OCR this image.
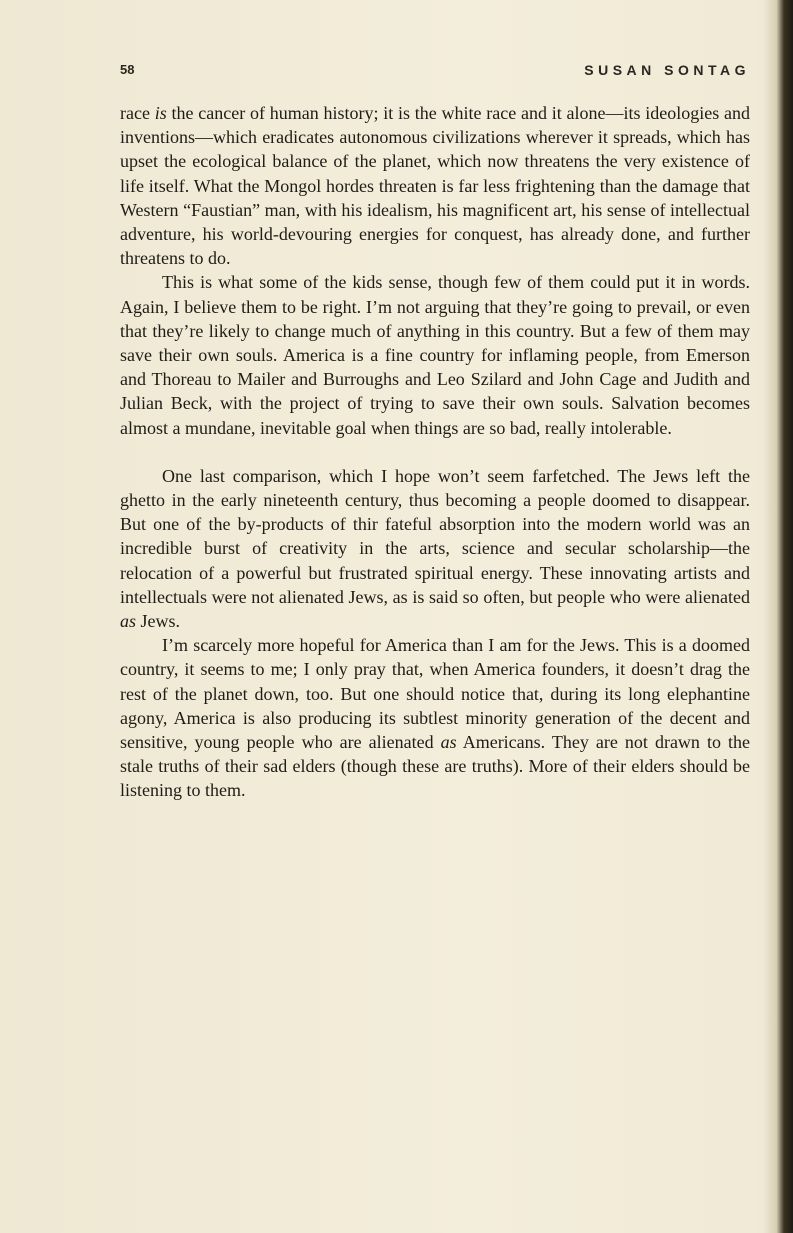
58	SUSAN SONTAG

race is the cancer of human history; it is the white race and it alone—its ideologies and inventions—which eradicates autonomous civilizations wherever it spreads, which has upset the ecological balance of the planet, which now threatens the very existence of life itself. What the Mongol hordes threaten is far less frightening than the damage that Western “Faustian” man, with his idealism, his magnificent art, his sense of intellectual adventure, his world-devouring energies for conquest, has already done, and further threatens to do.

This is what some of the kids sense, though few of them could put it in words. Again, I believe them to be right. I’m not arguing that they’re going to prevail, or even that they’re likely to change much of anything in this country. But a few of them may save their own souls. America is a fine country for inflaming people, from Emerson and Thoreau to Mailer and Burroughs and Leo Szilard and John Cage and Judith and Julian Beck, with the project of trying to save their own souls. Salvation becomes almost a mundane, inevitable goal when things are so bad, really intolerable.

One last comparison, which I hope won’t seem farfetched. The Jews left the ghetto in the early nineteenth century, thus becoming a people doomed to disappear. But one of the by-products of thir fateful absorption into the modern world was an incredible burst of creativity in the arts, science and secular scholarship—the relocation of a powerful but frustrated spiritual energy. These innovating artists and intellectuals were not alienated Jews, as is said so often, but people who were alienated as Jews.

I’m scarcely more hopeful for America than I am for the Jews. This is a doomed country, it seems to me; I only pray that, when America founders, it doesn’t drag the rest of the planet down, too. But one should notice that, during its long elephantine agony, America is also producing its subtlest minority generation of the decent and sensitive, young people who are alienated as Americans. They are not drawn to the stale truths of their sad elders (though these are truths). More of their elders should be listening to them.
